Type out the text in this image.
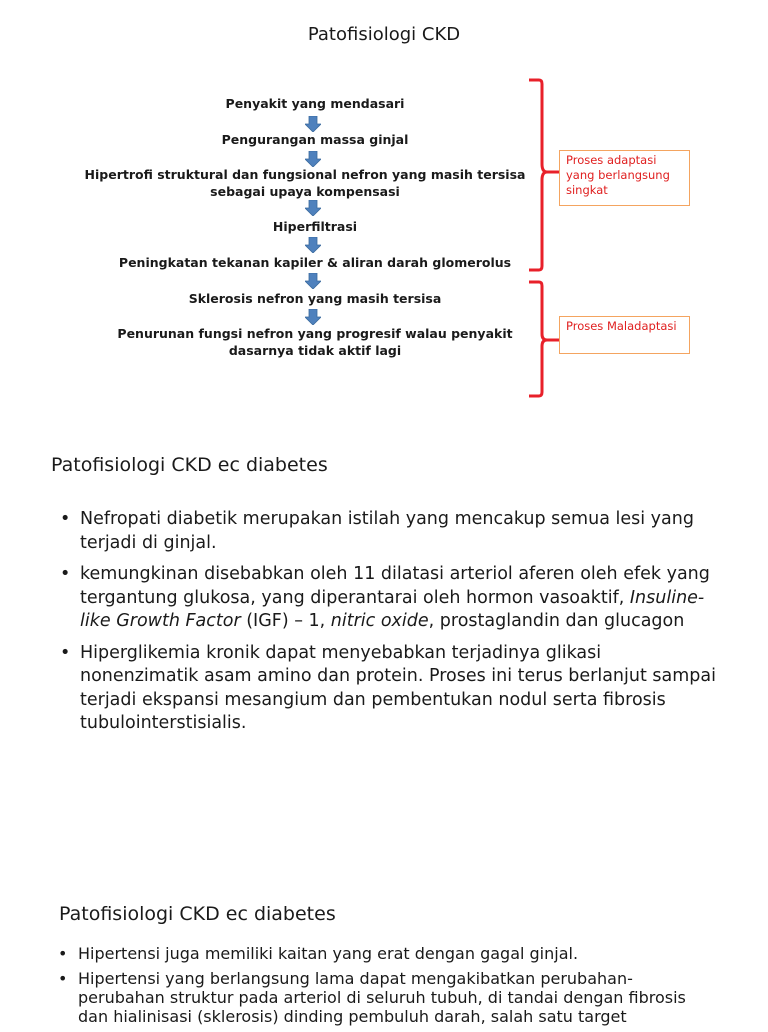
Patofisiologi CKD
Penyakit yang mendasari
Pengurangan massa ginjal
Hipertrofi struktural dan fungsional nefron yang masih tersisa sebagai upaya kompensasi
Hiperfiltrasi
Peningkatan tekanan kapiler & aliran darah glomerolus
Sklerosis nefron yang masih tersisa
Penurunan fungsi nefron yang progresif walau penyakit dasarnya tidak aktif lagi
Proses adaptasi yang berlangsung singkat
Proses Maladaptasi
Patofisiologi CKD ec diabetes
• Nefropati diabetik merupakan istilah yang mencakup semua lesi yang terjadi di ginjal.
• kemungkinan disebabkan oleh 11 dilatasi arteriol aferen oleh efek yang tergantung glukosa, yang diperantarai oleh hormon vasoaktif, Insuline-like Growth Factor (IGF) – 1, nitric oxide, prostaglandin dan glucagon
• Hiperglikemia kronik dapat menyebabkan terjadinya glikasi nonenzimatik asam amino dan protein. Proses ini terus berlanjut sampai terjadi ekspansi mesangium dan pembentukan nodul serta fibrosis tubulointerstisialis.
Patofisiologi CKD ec diabetes
• Hipertensi juga memiliki kaitan yang erat dengan gagal ginjal.
• Hipertensi yang berlangsung lama dapat mengakibatkan perubahan-perubahan struktur pada arteriol di seluruh tubuh, di tandai dengan fibrosis dan hialinisasi (sklerosis) dinding pembuluh darah, salah satu target
